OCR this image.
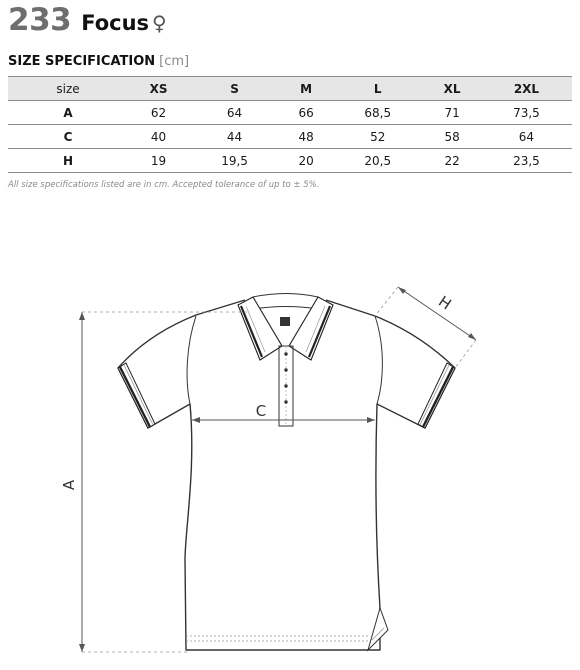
233 Focus ♀
SIZE SPECIFICATION [cm]
size	XS	S	M	L	XL	2XL
A	62	64	66	68,5	71	73,5
C	40	44	48	52	58	64
H	19	19,5	20	20,5	22	23,5
All size specifications listed are in cm. Accepted tolerance of up to ± 5%.
A
C
H
